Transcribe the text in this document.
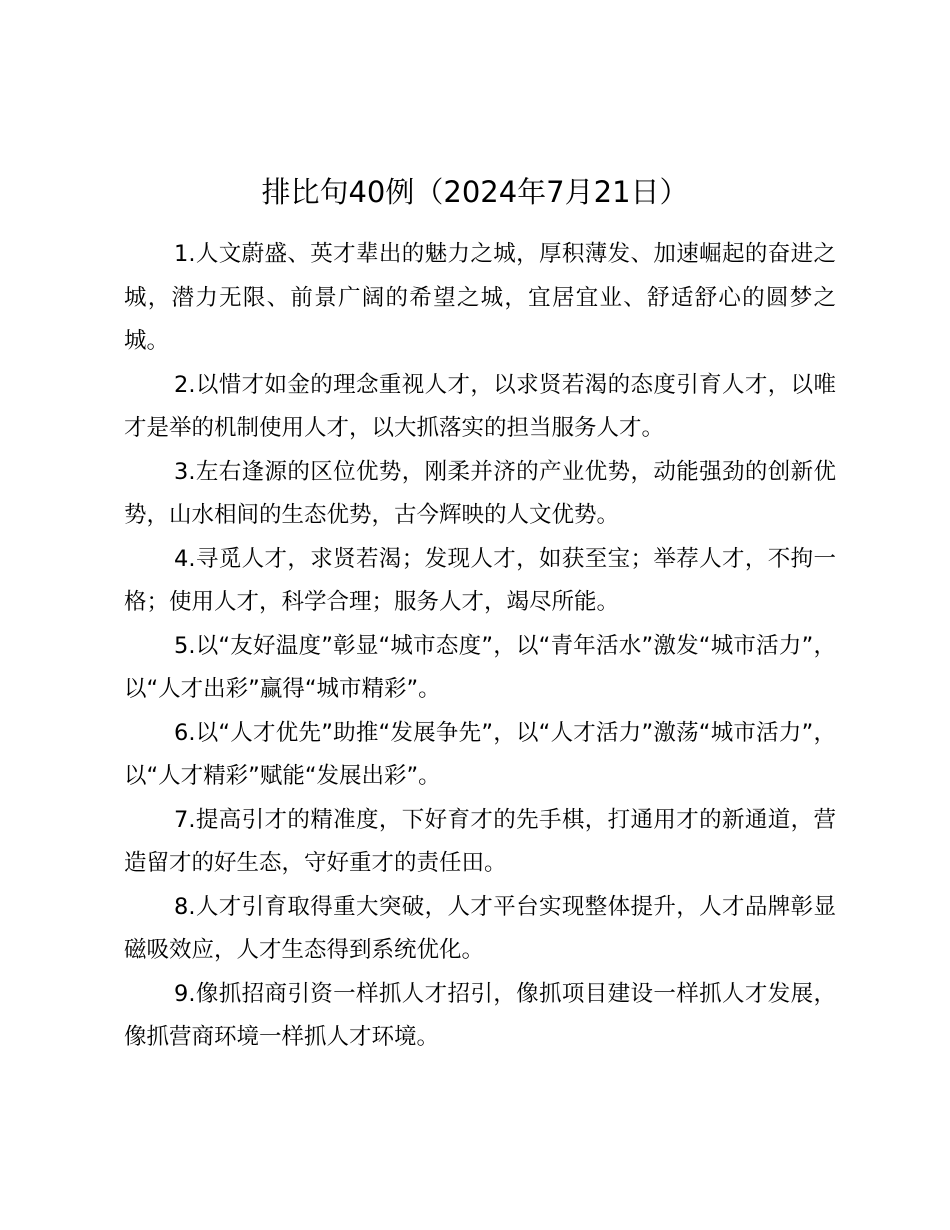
排比句40例（2024年7月21日）

1.人文蔚盛、英才辈出的魅力之城，厚积薄发、加速崛起的奋进之城，潜力无限、前景广阔的希望之城，宜居宜业、舒适舒心的圆梦之城。

2.以惜才如金的理念重视人才，以求贤若渴的态度引育人才，以唯才是举的机制使用人才，以大抓落实的担当服务人才。

3.左右逢源的区位优势，刚柔并济的产业优势，动能强劲的创新优势，山水相间的生态优势，古今辉映的人文优势。

4.寻觅人才，求贤若渴；发现人才，如获至宝；举荐人才，不拘一格；使用人才，科学合理；服务人才，竭尽所能。

5.以“友好温度”彰显“城市态度”，以“青年活水”激发“城市活力”，以“人才出彩”赢得“城市精彩”。

6.以“人才优先”助推“发展争先”，以“人才活力”激荡“城市活力”，以“人才精彩”赋能“发展出彩”。

7.提高引才的精准度，下好育才的先手棋，打通用才的新通道，营造留才的好生态，守好重才的责任田。

8.人才引育取得重大突破，人才平台实现整体提升，人才品牌彰显磁吸效应，人才生态得到系统优化。

9.像抓招商引资一样抓人才招引，像抓项目建设一样抓人才发展，像抓营商环境一样抓人才环境。
